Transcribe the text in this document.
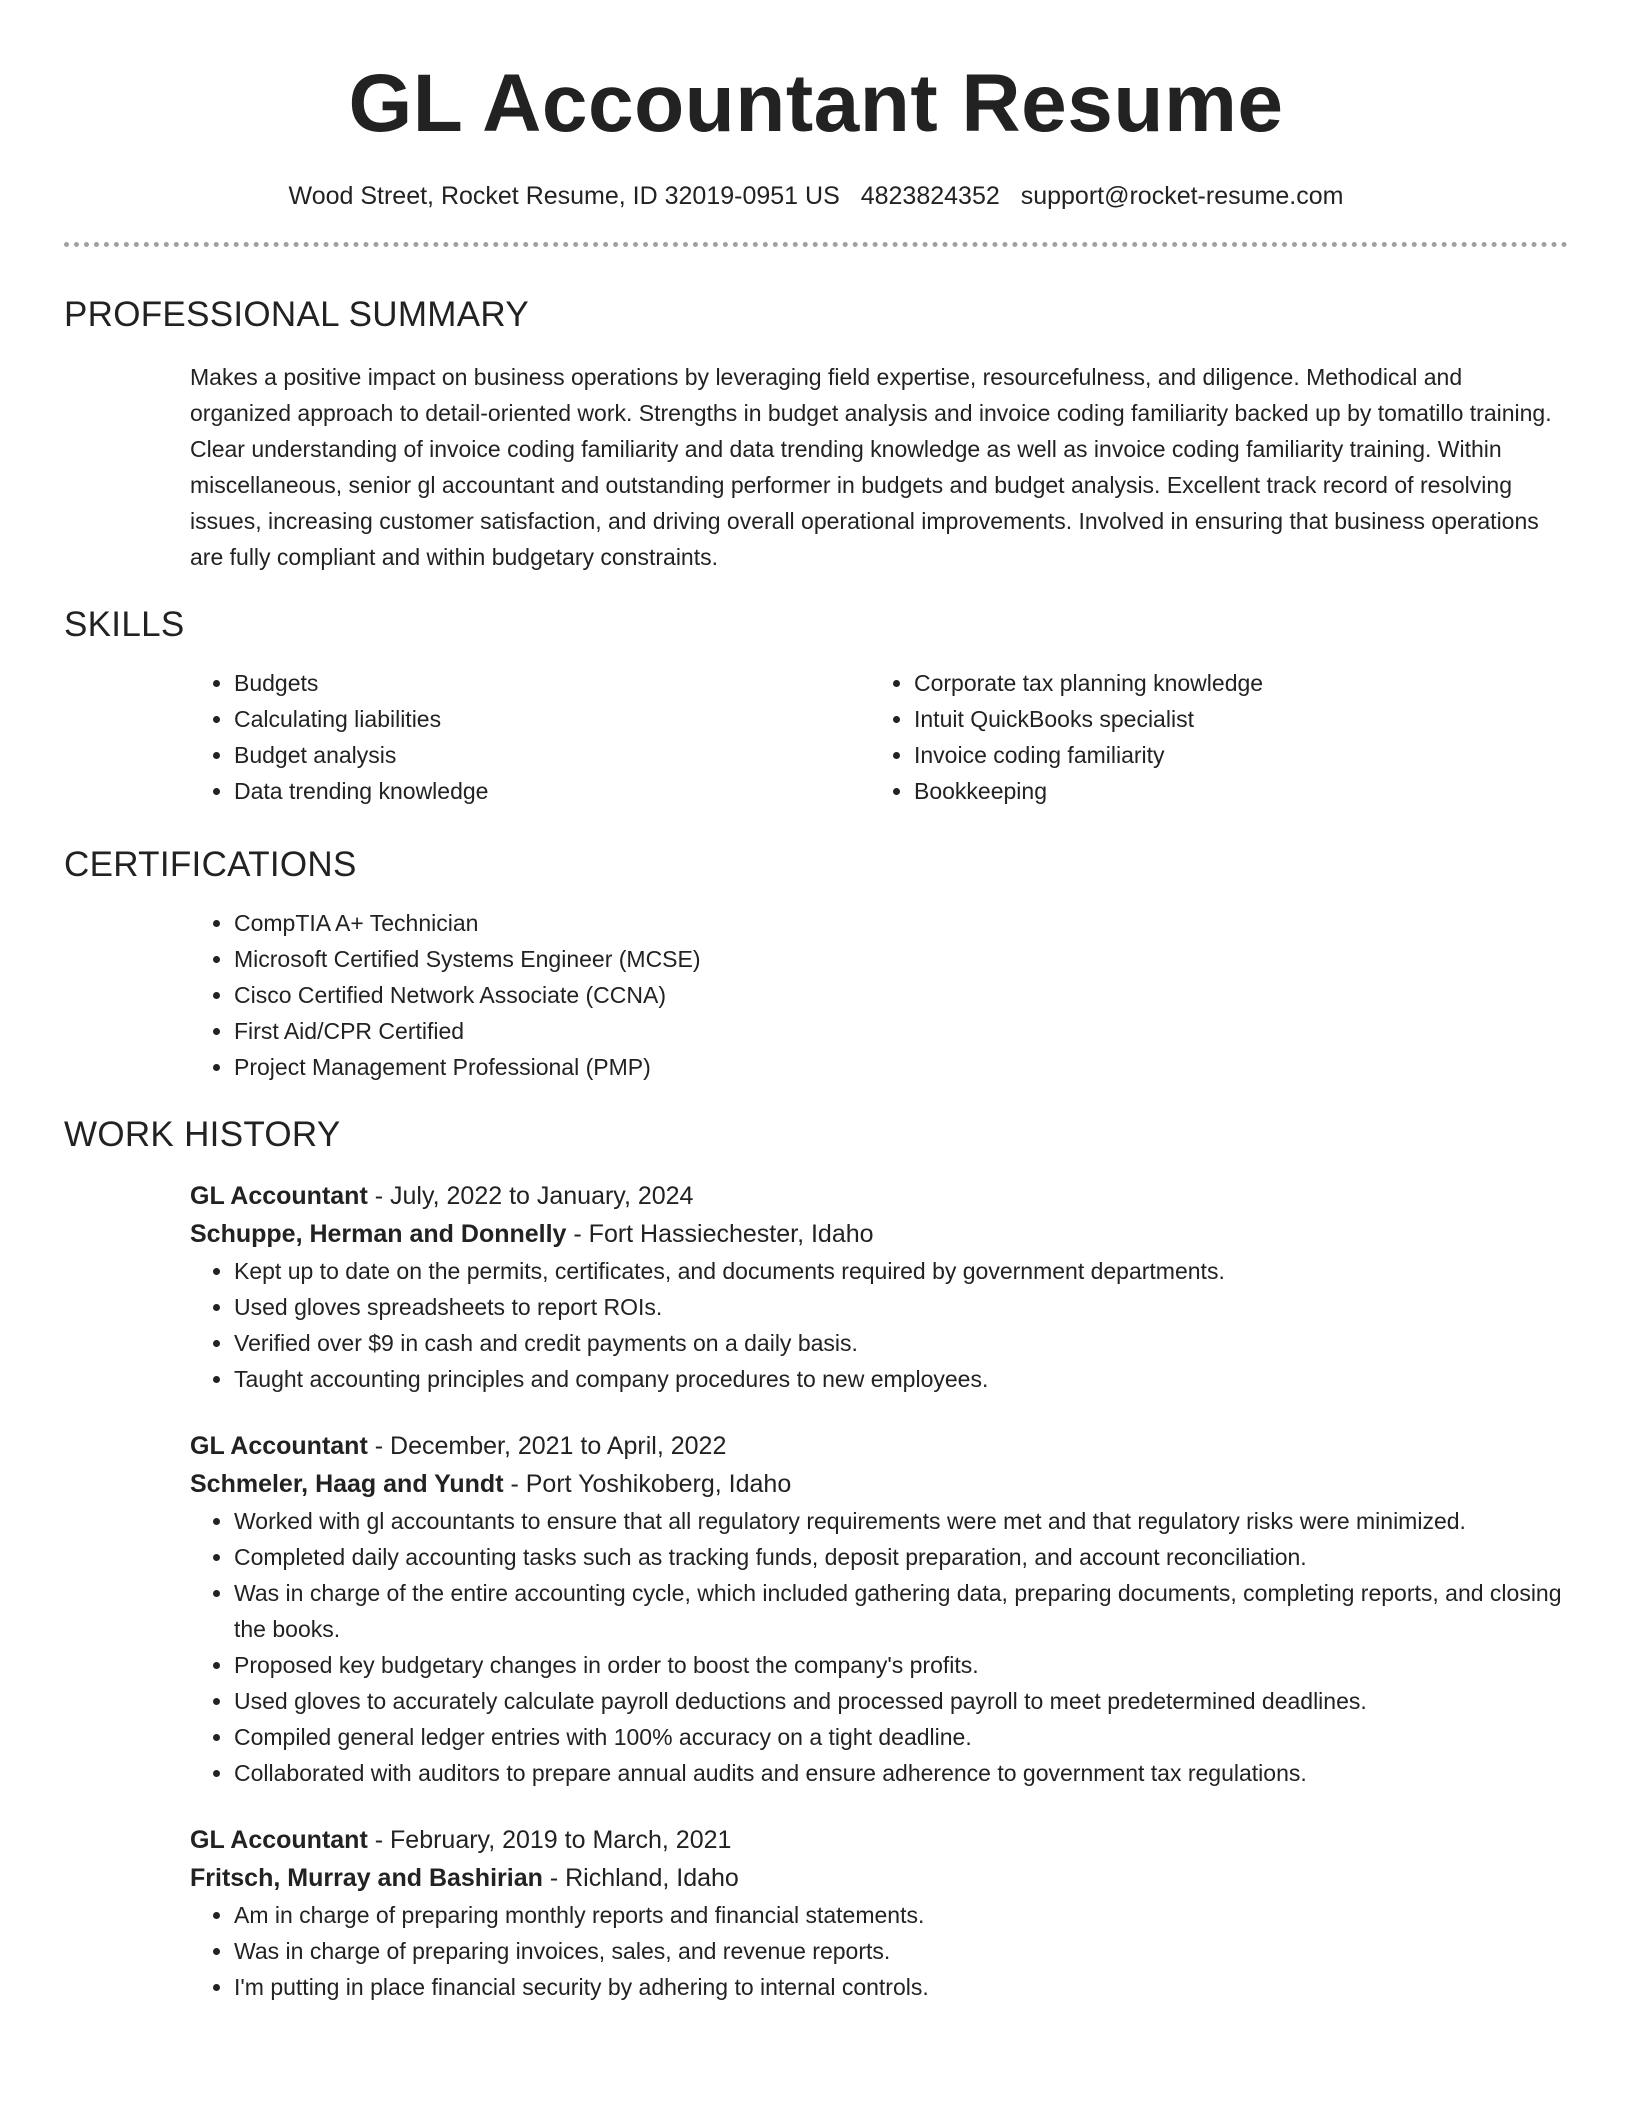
GL Accountant Resume
Wood Street, Rocket Resume, ID 32019-0951 US 4823824352 support@rocket-resume.com
PROFESSIONAL SUMMARY

Makes a positive impact on business operations by leveraging field expertise, resourcefulness, and diligence. Methodical and organized approach to detail-oriented work. Strengths in budget analysis and invoice coding familiarity backed up by tomatillo training. Clear understanding of invoice coding familiarity and data trending knowledge as well as invoice coding familiarity training. Within miscellaneous, senior gl accountant and outstanding performer in budgets and budget analysis. Excellent track record of resolving issues, increasing customer satisfaction, and driving overall operational improvements. Involved in ensuring that business operations are fully compliant and within budgetary constraints.

SKILLS
• Budgets
• Calculating liabilities
• Budget analysis
• Data trending knowledge
• Corporate tax planning knowledge
• Intuit QuickBooks specialist
• Invoice coding familiarity
• Bookkeeping
CERTIFICATIONS
• CompTIA A+ Technician
• Microsoft Certified Systems Engineer (MCSE)
• Cisco Certified Network Associate (CCNA)
• First Aid/CPR Certified
• Project Management Professional (PMP)
WORK HISTORY
GL Accountant - July, 2022 to January, 2024
Schuppe, Herman and Donnelly - Fort Hassiechester, Idaho
• Kept up to date on the permits, certificates, and documents required by government departments.
• Used gloves spreadsheets to report ROIs.
• Verified over $9 in cash and credit payments on a daily basis.
• Taught accounting principles and company procedures to new employees.
GL Accountant - December, 2021 to April, 2022
Schmeler, Haag and Yundt - Port Yoshikoberg, Idaho
• Worked with gl accountants to ensure that all regulatory requirements were met and that regulatory risks were minimized.
• Completed daily accounting tasks such as tracking funds, deposit preparation, and account reconciliation.
• Was in charge of the entire accounting cycle, which included gathering data, preparing documents, completing reports, and closing the books.
• Proposed key budgetary changes in order to boost the company's profits.
• Used gloves to accurately calculate payroll deductions and processed payroll to meet predetermined deadlines.
• Compiled general ledger entries with 100% accuracy on a tight deadline.
• Collaborated with auditors to prepare annual audits and ensure adherence to government tax regulations.
GL Accountant - February, 2019 to March, 2021
Fritsch, Murray and Bashirian - Richland, Idaho
• Am in charge of preparing monthly reports and financial statements.
• Was in charge of preparing invoices, sales, and revenue reports.
• I'm putting in place financial security by adhering to internal controls.
